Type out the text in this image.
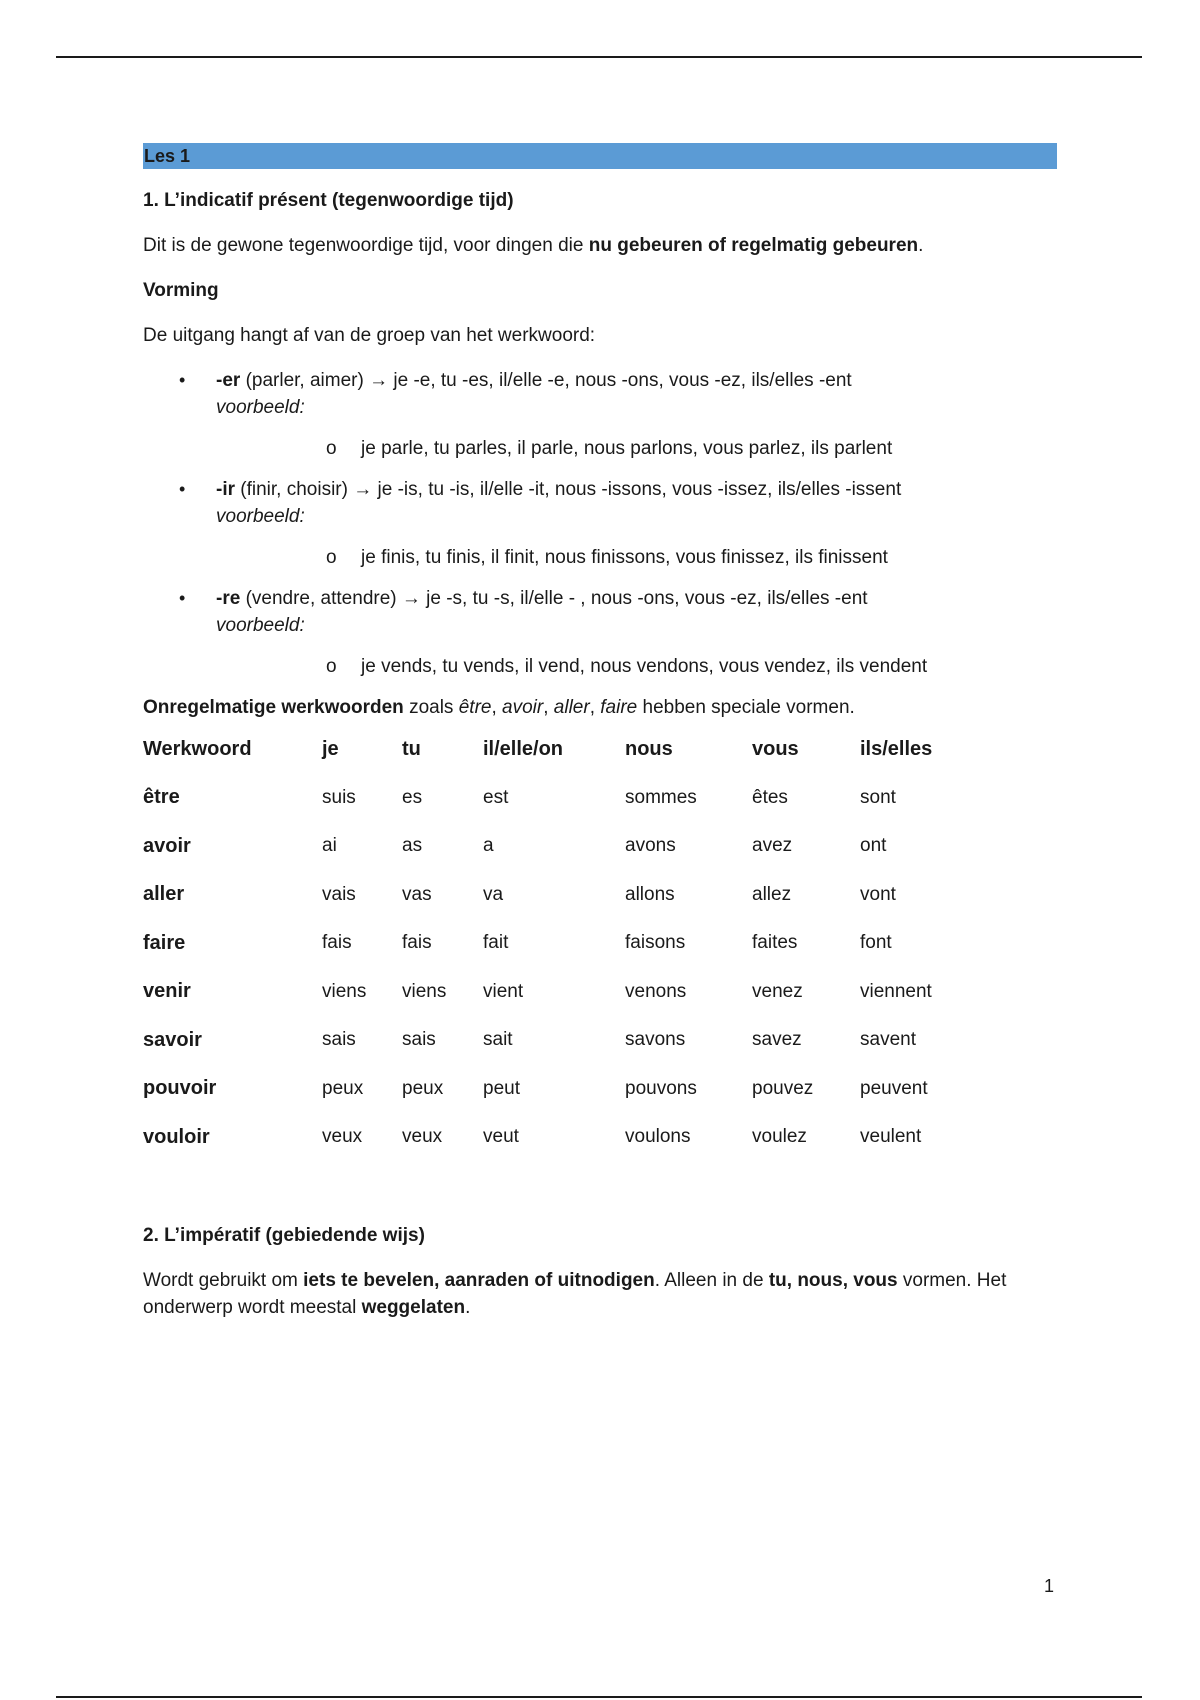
Les 1

1. L’indicatif présent (tegenwoordige tijd)

Dit is de gewone tegenwoordige tijd, voor dingen die nu gebeuren of regelmatig gebeuren.

Vorming

De uitgang hangt af van de groep van het werkwoord:

• -er (parler, aimer) → je -e, tu -es, il/elle -e, nous -ons, vous -ez, ils/elles -ent
voorbeeld:

o je parle, tu parles, il parle, nous parlons, vous parlez, ils parlent

• -ir (finir, choisir) → je -is, tu -is, il/elle -it, nous -issons, vous -issez, ils/elles -issent
voorbeeld:

o je finis, tu finis, il finit, nous finissons, vous finissez, ils finissent

• -re (vendre, attendre) → je -s, tu -s, il/elle - , nous -ons, vous -ez, ils/elles -ent
voorbeeld:

o je vends, tu vends, il vend, nous vendons, vous vendez, ils vendent

Onregelmatige werkwoorden zoals être, avoir, aller, faire hebben speciale vormen.

Werkwoord	je	tu	il/elle/on	nous	vous	ils/elles
être	suis	es	est	sommes	êtes	sont
avoir	ai	as	a	avons	avez	ont
aller	vais	vas	va	allons	allez	vont
faire	fais	fais	fait	faisons	faites	font
venir	viens	viens	vient	venons	venez	viennent
savoir	sais	sais	sait	savons	savez	savent
pouvoir	peux	peux	peut	pouvons	pouvez	peuvent
vouloir	veux	veux	veut	voulons	voulez	veulent

2. L’impératif (gebiedende wijs)

Wordt gebruikt om iets te bevelen, aanraden of uitnodigen. Alleen in de tu, nous, vous vormen. Het onderwerp wordt meestal weggelaten.

1
